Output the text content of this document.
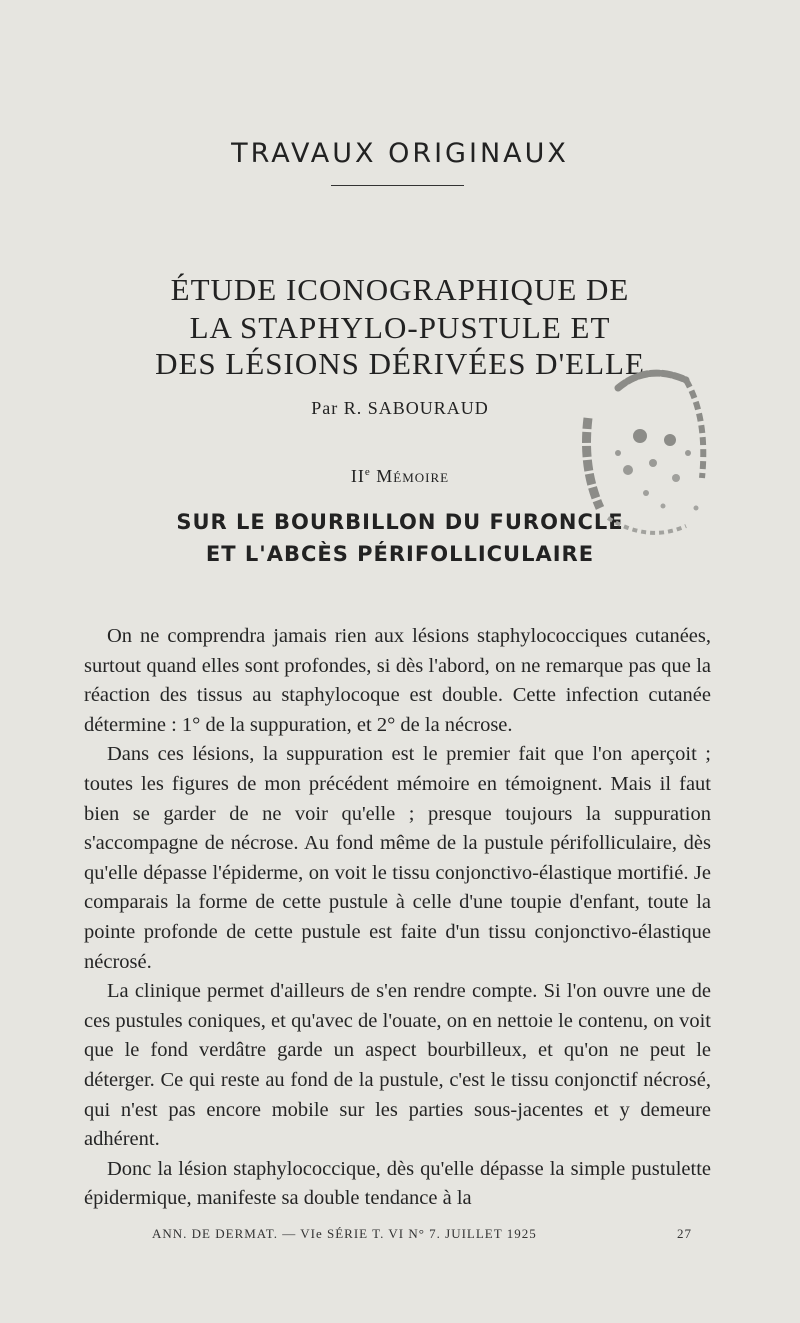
TRAVAUX ORIGINAUX
ÉTUDE ICONOGRAPHIQUE DE
LA STAPHYLO-PUSTULE ET
DES LÉSIONS DÉRIVÉES D'ELLE
Par R. SABOURAUD
IIe Mémoire
SUR LE BOURBILLON DU FURONCLE
ET L'ABCÈS PÉRIFOLLICULAIRE

On ne comprendra jamais rien aux lésions staphylococciques cutanées, surtout quand elles sont profondes, si dès l'abord, on ne remarque pas que la réaction des tissus au staphylocoque est double. Cette infection cutanée détermine : 1° de la suppuration, et 2° de la nécrose.

Dans ces lésions, la suppuration est le premier fait que l'on aperçoit ; toutes les figures de mon précédent mémoire en témoignent. Mais il faut bien se garder de ne voir qu'elle ; presque toujours la suppuration s'accompagne de nécrose. Au fond même de la pustule périfolliculaire, dès qu'elle dépasse l'épiderme, on voit le tissu conjonctivo-élastique mortifié. Je comparais la forme de cette pustule à celle d'une toupie d'enfant, toute la pointe profonde de cette pustule est faite d'un tissu conjonctivo-élastique nécrosé.

La clinique permet d'ailleurs de s'en rendre compte. Si l'on ouvre une de ces pustules coniques, et qu'avec de l'ouate, on en nettoie le contenu, on voit que le fond verdâtre garde un aspect bourbilleux, et qu'on ne peut le déterger. Ce qui reste au fond de la pustule, c'est le tissu conjonctif nécrosé, qui n'est pas encore mobile sur les parties sous-jacentes et y demeure adhérent.

Donc la lésion staphylococcique, dès qu'elle dépasse la simple pustulette épidermique, manifeste sa double tendance à la

ANN. DE DERMAT. — VIe SÉRIE T. VI N° 7. JUILLET 1925	27
